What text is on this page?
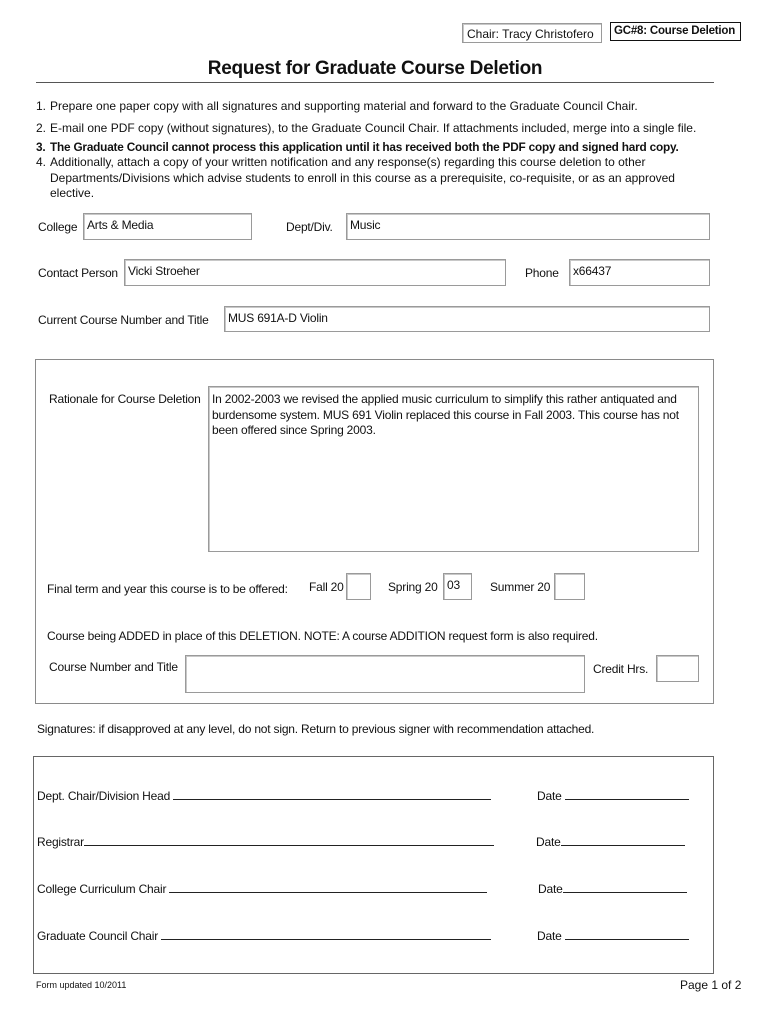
Chair: Tracy Christofero	GC#8: Course Deletion
Request for Graduate Course Deletion
1. Prepare one paper copy with all signatures and supporting material and forward to the Graduate Council Chair.
2. E-mail one PDF copy (without signatures), to the Graduate Council Chair. If attachments included, merge into a single file.
3. The Graduate Council cannot process this application until it has received both the PDF copy and signed hard copy.
4. Additionally, attach a copy of your written notification and any response(s) regarding this course deletion to other Departments/Divisions which advise students to enroll in this course as a prerequisite, co-requisite, or as an approved elective.
College Arts & Media	Dept/Div.	Music
Contact Person Vicki Stroeher	Phone	x66437
Current Course Number and Title	MUS 691A-D Violin
Rationale for Course Deletion In 2002-2003 we revised the applied music curriculum to simplify this rather antiquated and burdensome system. MUS 691 Violin replaced this course in Fall 2003. This course has not been offered since Spring 2003.
Final term and year this course is to be offered: Fall 20	Spring 20 03	Summer 20
Course being ADDED in place of this DELETION. NOTE: A course ADDITION request form is also required.
Course Number and Title	Credit Hrs.
Signatures: if disapproved at any level, do not sign. Return to previous signer with recommendation attached.
Dept. Chair/Division Head	Date
Registrar	Date
College Curriculum Chair	Date
Graduate Council Chair	Date
Form updated 10/2011	Page 1 of 2
